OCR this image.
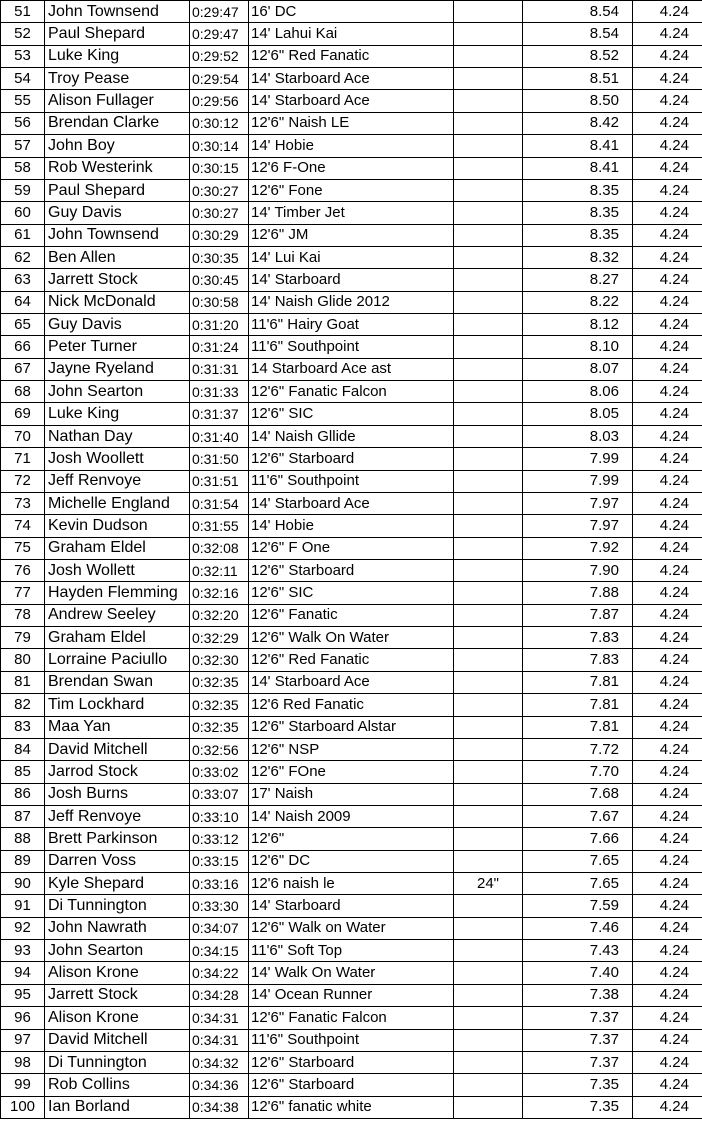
51	John Townsend	0:29:47	16' DC		8.54	4.24
52	Paul Shepard	0:29:47	14' Lahui Kai		8.54	4.24
53	Luke King	0:29:52	12'6" Red Fanatic		8.52	4.24
54	Troy Pease	0:29:54	14' Starboard Ace		8.51	4.24
55	Alison Fullager	0:29:56	14' Starboard Ace		8.50	4.24
56	Brendan Clarke	0:30:12	12'6" Naish LE		8.42	4.24
57	John Boy	0:30:14	14' Hobie		8.41	4.24
58	Rob Westerink	0:30:15	12'6 F-One		8.41	4.24
59	Paul Shepard	0:30:27	12'6" Fone		8.35	4.24
60	Guy Davis	0:30:27	14' Timber Jet		8.35	4.24
61	John Townsend	0:30:29	12'6" JM		8.35	4.24
62	Ben Allen	0:30:35	14' Lui Kai		8.32	4.24
63	Jarrett Stock	0:30:45	14' Starboard		8.27	4.24
64	Nick McDonald	0:30:58	14' Naish Glide 2012		8.22	4.24
65	Guy Davis	0:31:20	11'6" Hairy Goat		8.12	4.24
66	Peter Turner	0:31:24	11'6" Southpoint		8.10	4.24
67	Jayne Ryeland	0:31:31	14 Starboard Ace ast		8.07	4.24
68	John Searton	0:31:33	12'6" Fanatic Falcon		8.06	4.24
69	Luke King	0:31:37	12'6" SIC		8.05	4.24
70	Nathan Day	0:31:40	14' Naish Gllide		8.03	4.24
71	Josh Woollett	0:31:50	12'6" Starboard		7.99	4.24
72	Jeff Renvoye	0:31:51	11'6" Southpoint		7.99	4.24
73	Michelle England	0:31:54	14' Starboard Ace		7.97	4.24
74	Kevin Dudson	0:31:55	14' Hobie		7.97	4.24
75	Graham Eldel	0:32:08	12'6" F One		7.92	4.24
76	Josh Wollett	0:32:11	12'6" Starboard		7.90	4.24
77	Hayden Flemming	0:32:16	12'6" SIC		7.88	4.24
78	Andrew Seeley	0:32:20	12'6" Fanatic		7.87	4.24
79	Graham Eldel	0:32:29	12'6" Walk On Water		7.83	4.24
80	Lorraine Paciullo	0:32:30	12'6" Red Fanatic		7.83	4.24
81	Brendan Swan	0:32:35	14' Starboard Ace		7.81	4.24
82	Tim Lockhard	0:32:35	12'6 Red Fanatic		7.81	4.24
83	Maa Yan	0:32:35	12'6" Starboard Alstar		7.81	4.24
84	David Mitchell	0:32:56	12'6" NSP		7.72	4.24
85	Jarrod Stock	0:33:02	12'6" FOne		7.70	4.24
86	Josh Burns	0:33:07	17' Naish		7.68	4.24
87	Jeff Renvoye	0:33:10	14' Naish 2009		7.67	4.24
88	Brett Parkinson	0:33:12	12'6"		7.66	4.24
89	Darren Voss	0:33:15	12'6" DC		7.65	4.24
90	Kyle Shepard	0:33:16	12'6 naish le	24"	7.65	4.24
91	Di Tunnington	0:33:30	14' Starboard		7.59	4.24
92	John Nawrath	0:34:07	12'6" Walk on Water		7.46	4.24
93	John Searton	0:34:15	11'6" Soft Top		7.43	4.24
94	Alison Krone	0:34:22	14' Walk On Water		7.40	4.24
95	Jarrett Stock	0:34:28	14' Ocean Runner		7.38	4.24
96	Alison Krone	0:34:31	12'6" Fanatic Falcon		7.37	4.24
97	David Mitchell	0:34:31	11'6" Southpoint		7.37	4.24
98	Di Tunnington	0:34:32	12'6" Starboard		7.37	4.24
99	Rob Collins	0:34:36	12'6" Starboard		7.35	4.24
100	Ian Borland	0:34:38	12'6" fanatic white		7.35	4.24
